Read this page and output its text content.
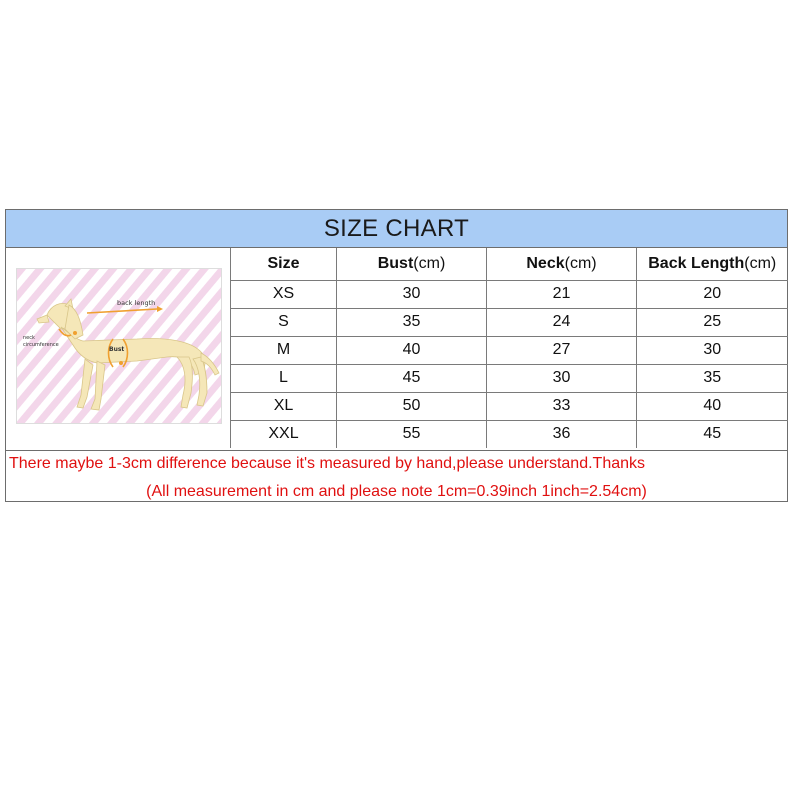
SIZE CHART
back length
neck
circumference
Bust
Size	Bust(cm)	Neck(cm)	Back Length(cm)
XS	30	21	20
S	35	24	25
M	40	27	30
L	45	30	35
XL	50	33	40
XXL	55	36	45
There maybe 1-3cm difference because it's measured by hand,please understand.Thanks
(All measurement in cm and please note 1cm=0.39inch 1inch=2.54cm)
